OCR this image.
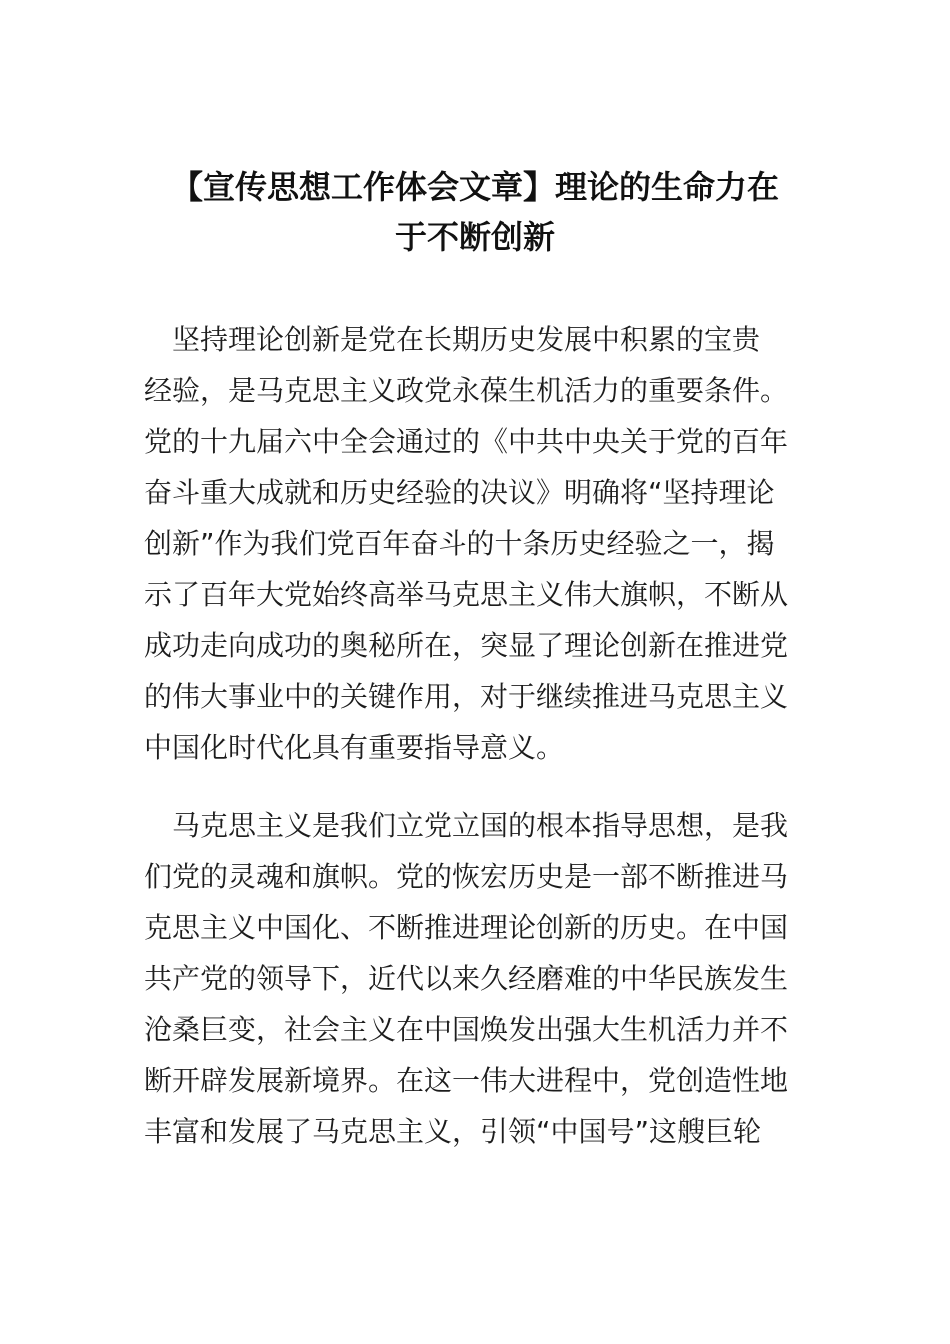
【宣传思想工作体会文章】理论的生命力在
于不断创新

　坚持理论创新是党在长期历史发展中积累的宝贵
经验，是马克思主义政党永葆生机活力的重要条件。
党的十九届六中全会通过的《中共中央关于党的百年
奋斗重大成就和历史经验的决议》明确将“坚持理论
创新”作为我们党百年奋斗的十条历史经验之一，揭
示了百年大党始终高举马克思主义伟大旗帜，不断从
成功走向成功的奥秘所在，突显了理论创新在推进党
的伟大事业中的关键作用，对于继续推进马克思主义
中国化时代化具有重要指导意义。

　马克思主义是我们立党立国的根本指导思想，是我
们党的灵魂和旗帜。党的恢宏历史是一部不断推进马
克思主义中国化、不断推进理论创新的历史。在中国
共产党的领导下，近代以来久经磨难的中华民族发生
沧桑巨变，社会主义在中国焕发出强大生机活力并不
断开辟发展新境界。在这一伟大进程中，党创造性地
丰富和发展了马克思主义，引领“中国号”这艘巨轮
